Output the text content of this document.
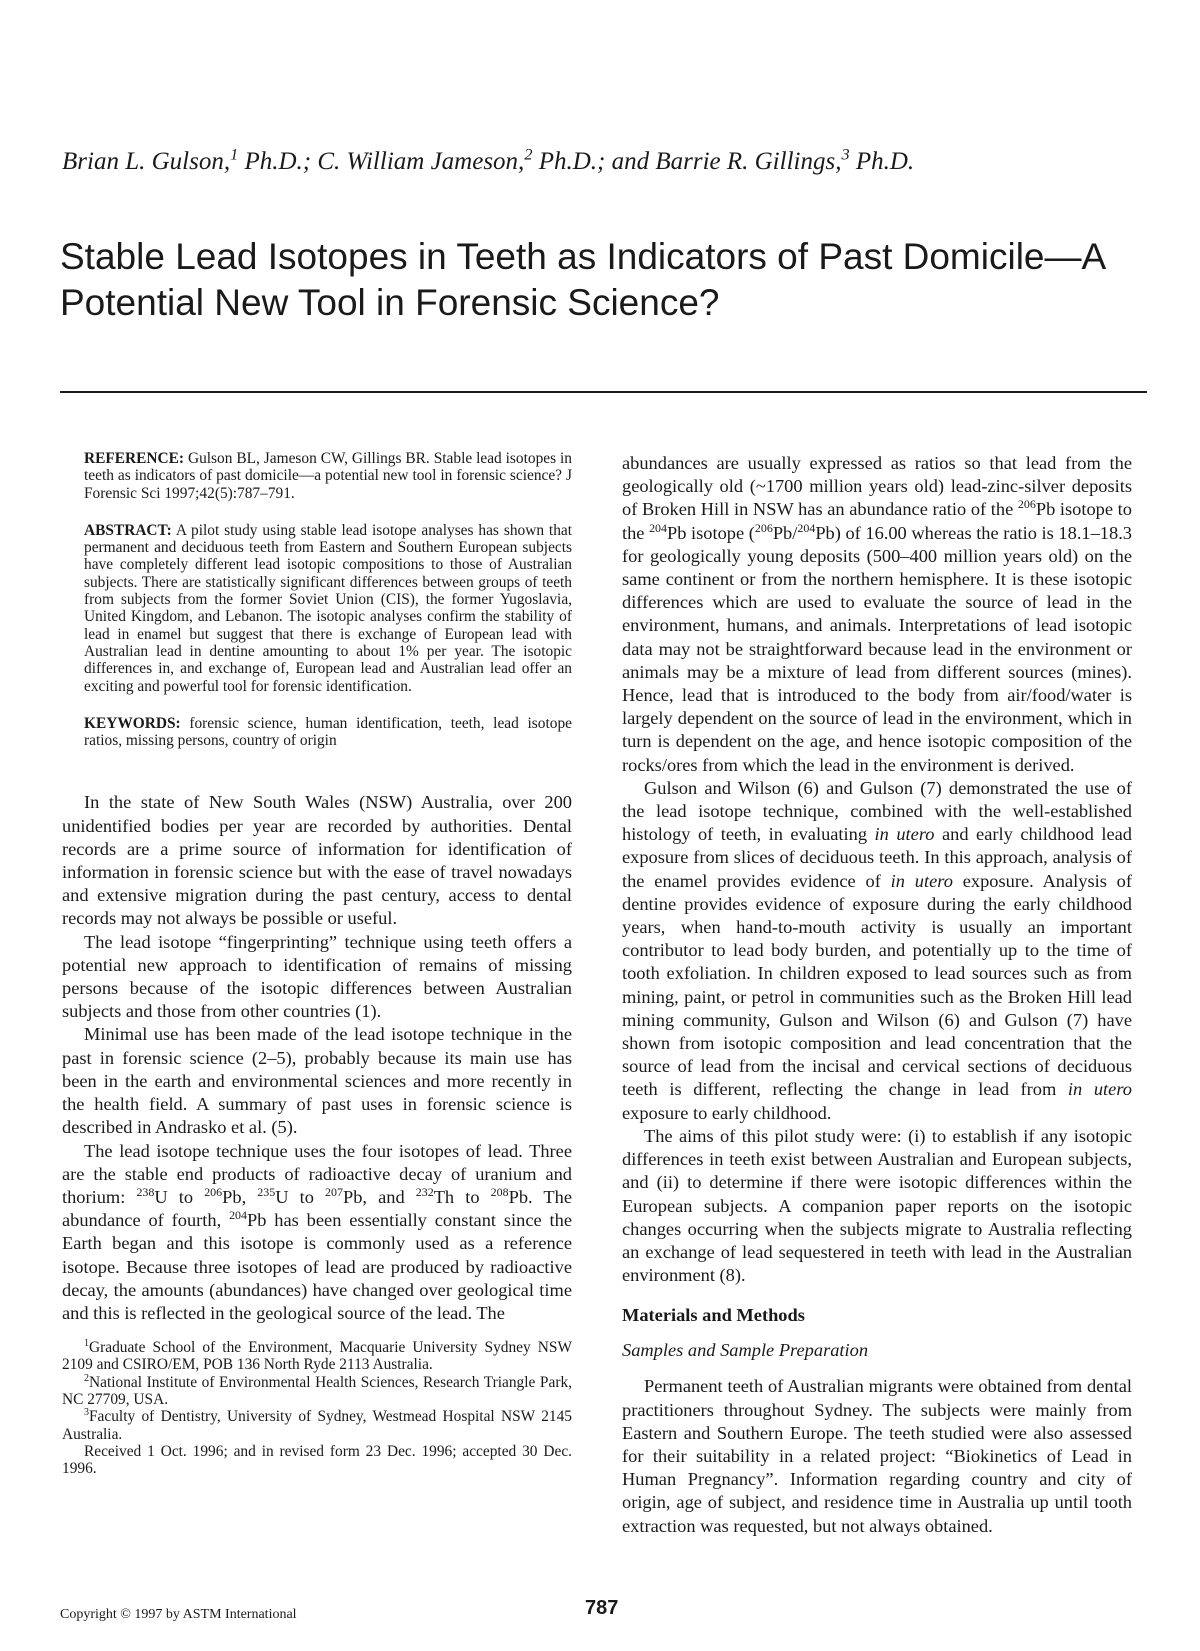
Brian L. Gulson,$^1$ Ph.D.; C. William Jameson,$^2$ Ph.D.; and Barrie R. Gillings,$^3$ Ph.D.
Stable Lead Isotopes in Teeth as Indicators of Past Domicile—A
Potential New Tool in Forensic Science?

REFERENCE: Gulson BL, Jameson CW, Gillings BR. Stable lead isotopes in teeth as indicators of past domicile—a potential new tool in forensic science? J Forensic Sci 1997;42(5):787–791.

ABSTRACT: A pilot study using stable lead isotope analyses has shown that permanent and deciduous teeth from Eastern and Southern European subjects have completely different lead isotopic compositions to those of Australian subjects. There are statistically significant differences between groups of teeth from subjects from the former Soviet Union (CIS), the former Yugoslavia, United Kingdom, and Lebanon. The isotopic analyses confirm the stability of lead in enamel but suggest that there is exchange of European lead with Australian lead in dentine amounting to about 1% per year. The isotopic differences in, and exchange of, European lead and Australian lead offer an exciting and powerful tool for forensic identification.

KEYWORDS: forensic science, human identification, teeth, lead isotope ratios, missing persons, country of origin

In the state of New South Wales (NSW) Australia, over 200 unidentified bodies per year are recorded by authorities. Dental records are a prime source of information for identification of information in forensic science but with the ease of travel nowadays and extensive migration during the past century, access to dental records may not always be possible or useful.

The lead isotope “fingerprinting” technique using teeth offers a potential new approach to identification of remains of missing persons because of the isotopic differences between Australian subjects and those from other countries (1).

Minimal use has been made of the lead isotope technique in the past in forensic science (2–5), probably because its main use has been in the earth and environmental sciences and more recently in the health field. A summary of past uses in forensic science is described in Andrasko et al. (5).

The lead isotope technique uses the four isotopes of lead. Three are the stable end products of radioactive decay of uranium and thorium: $^{238}$U to $^{206}$Pb, $^{235}$U to $^{207}$Pb, and $^{232}$Th to $^{208}$Pb. The abundance of fourth, $^{204}$Pb has been essentially constant since the Earth began and this isotope is commonly used as a reference isotope. Because three isotopes of lead are produced by radioactive decay, the amounts (abundances) have changed over geological time and this is reflected in the geological source of the lead. The

$^1$Graduate School of the Environment, Macquarie University Sydney NSW 2109 and CSIRO/EM, POB 136 North Ryde 2113 Australia.

$^2$National Institute of Environmental Health Sciences, Research Triangle Park, NC 27709, USA.

$^3$Faculty of Dentistry, University of Sydney, Westmead Hospital NSW 2145 Australia.

Received 1 Oct. 1996; and in revised form 23 Dec. 1996; accepted 30 Dec. 1996.

abundances are usually expressed as ratios so that lead from the geologically old (~1700 million years old) lead-zinc-silver deposits of Broken Hill in NSW has an abundance ratio of the $^{206}$Pb isotope to the $^{204}$Pb isotope ($^{206}$Pb/$^{204}$Pb) of 16.00 whereas the ratio is 18.1–18.3 for geologically young deposits (500–400 million years old) on the same continent or from the northern hemisphere. It is these isotopic differences which are used to evaluate the source of lead in the environment, humans, and animals. Interpretations of lead isotopic data may not be straightforward because lead in the environment or animals may be a mixture of lead from different sources (mines). Hence, lead that is introduced to the body from air/food/water is largely dependent on the source of lead in the environment, which in turn is dependent on the age, and hence isotopic composition of the rocks/ores from which the lead in the environment is derived.

Gulson and Wilson (6) and Gulson (7) demonstrated the use of the lead isotope technique, combined with the well-established histology of teeth, in evaluating in utero and early childhood lead exposure from slices of deciduous teeth. In this approach, analysis of the enamel provides evidence of in utero exposure. Analysis of dentine provides evidence of exposure during the early childhood years, when hand-to-mouth activity is usually an important contributor to lead body burden, and potentially up to the time of tooth exfoliation. In children exposed to lead sources such as from mining, paint, or petrol in communities such as the Broken Hill lead mining community, Gulson and Wilson (6) and Gulson (7) have shown from isotopic composition and lead concentration that the source of lead from the incisal and cervical sections of deciduous teeth is different, reflecting the change in lead from in utero exposure to early childhood.

The aims of this pilot study were: (i) to establish if any isotopic differences in teeth exist between Australian and European subjects, and (ii) to determine if there were isotopic differences within the European subjects. A companion paper reports on the isotopic changes occurring when the subjects migrate to Australia reflecting an exchange of lead sequestered in teeth with lead in the Australian environment (8).

Materials and Methods
Samples and Sample Preparation

Permanent teeth of Australian migrants were obtained from dental practitioners throughout Sydney. The subjects were mainly from Eastern and Southern Europe. The teeth studied were also assessed for their suitability in a related project: “Biokinetics of Lead in Human Pregnancy”. Information regarding country and city of origin, age of subject, and residence time in Australia up until tooth extraction was requested, but not always obtained.

Copyright © 1997 by ASTM International	787
